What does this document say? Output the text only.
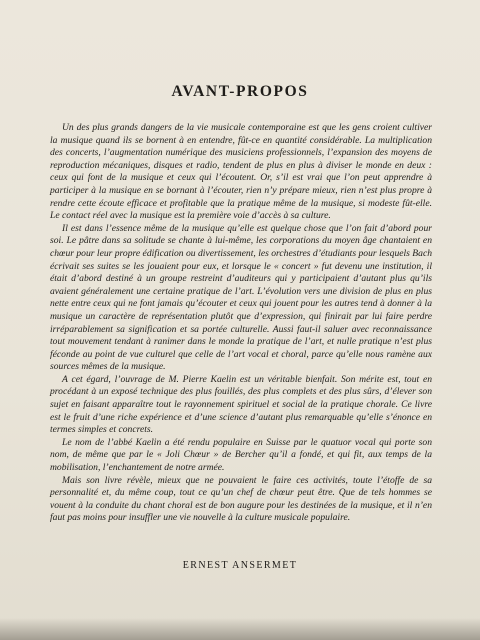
AVANT-PROPOS

Un des plus grands dangers de la vie musicale contemporaine est que les gens croient cultiver la musique quand ils se bornent à en entendre, fût-ce en quantité considérable. La multiplication des concerts, l’augmentation numérique des musiciens professionnels, l’expansion des moyens de reproduction mécaniques, disques et radio, tendent de plus en plus à diviser le monde en deux : ceux qui font de la musique et ceux qui l’écoutent. Or, s’il est vrai que l’on peut apprendre à participer à la musique en se bornant à l’écouter, rien n’y prépare mieux, rien n’est plus propre à rendre cette écoute efficace et profitable que la pratique même de la musique, si modeste fût-elle. Le contact réel avec la musique est la première voie d’accès à sa culture.

Il est dans l’essence même de la musique qu’elle est quelque chose que l’on fait d’abord pour soi. Le pâtre dans sa solitude se chante à lui-même, les corporations du moyen âge chantaient en chœur pour leur propre édification ou divertissement, les orchestres d’étudiants pour lesquels Bach écrivait ses suites se les jouaient pour eux, et lorsque le « concert » fut devenu une institution, il était d’abord destiné à un groupe restreint d’auditeurs qui y participaient d’autant plus qu’ils avaient généralement une certaine pratique de l’art. L’évolution vers une division de plus en plus nette entre ceux qui ne font jamais qu’écouter et ceux qui jouent pour les autres tend à donner à la musique un caractère de représentation plutôt que d’expression, qui finirait par lui faire perdre irréparablement sa signification et sa portée culturelle. Aussi faut-il saluer avec reconnaissance tout mouvement tendant à ranimer dans le monde la pratique de l’art, et nulle pratique n’est plus féconde au point de vue culturel que celle de l’art vocal et choral, parce qu’elle nous ramène aux sources mêmes de la musique.

A cet égard, l’ouvrage de M. Pierre Kaelin est un véritable bienfait. Son mérite est, tout en procédant à un exposé technique des plus fouillés, des plus complets et des plus sûrs, d’élever son sujet en faisant apparaître tout le rayonnement spirituel et social de la pratique chorale. Ce livre est le fruit d’une riche expérience et d’une science d’autant plus remarquable qu’elle s’énonce en termes simples et concrets.

Le nom de l’abbé Kaelin a été rendu populaire en Suisse par le quatuor vocal qui porte son nom, de même que par le « Joli Chœur » de Bercher qu’il a fondé, et qui fit, aux temps de la mobilisation, l’enchantement de notre armée.

Mais son livre révèle, mieux que ne pouvaient le faire ces activités, toute l’étoffe de sa personnalité et, du même coup, tout ce qu’un chef de chœur peut être. Que de tels hommes se vouent à la conduite du chant choral est de bon augure pour les destinées de la musique, et il n’en faut pas moins pour insuffler une vie nouvelle à la culture musicale populaire.

ERNEST ANSERMET
